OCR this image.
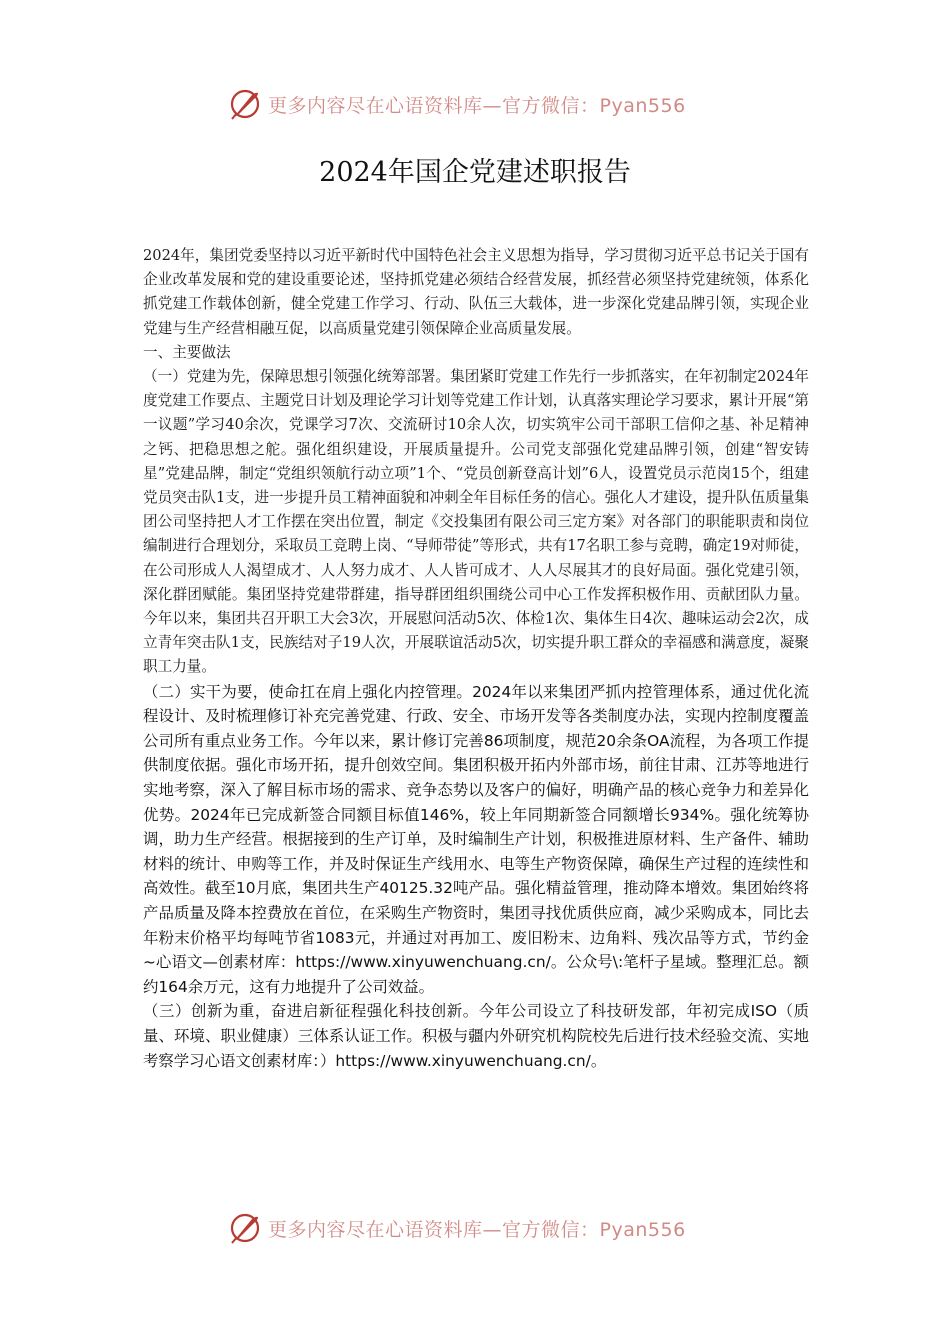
更多内容尽在心语资料库—官方微信：Pyan556
2024年国企党建述职报告

2024年，集团党委坚持以习近平新时代中国特色社会主义思想为指导，学习贯彻习近平总书记关于国有企业改革发展和党的建设重要论述，坚持抓党建必须结合经营发展，抓经营必须坚持党建统领，体系化抓党建工作载体创新，健全党建工作学习、行动、队伍三大载体，进一步深化党建品牌引领，实现企业党建与生产经营相融互促，以高质量党建引领保障企业高质量发展。

一、主要做法

（一）党建为先，保障思想引领强化统筹部署。集团紧盯党建工作先行一步抓落实，在年初制定2024年度党建工作要点、主题党日计划及理论学习计划等党建工作计划，认真落实理论学习要求，累计开展“第一议题”学习40余次，党课学习7次、交流研讨10余人次，切实筑牢公司干部职工信仰之基、补足精神之钙、把稳思想之舵。强化组织建设，开展质量提升。公司党支部强化党建品牌引领，创建“智安铸星”党建品牌，制定“党组织领航行动立项”1个、“党员创新登高计划”6人，设置党员示范岗15个，组建党员突击队1支，进一步提升员工精神面貌和冲刺全年目标任务的信心。强化人才建设，提升队伍质量集团公司坚持把人才工作摆在突出位置，制定《交投集团有限公司三定方案》对各部门的职能职责和岗位编制进行合理划分，采取员工竞聘上岗、“导师带徒”等形式，共有17名职工参与竞聘，确定19对师徒，在公司形成人人渴望成才、人人努力成才、人人皆可成才、人人尽展其才的良好局面。强化党建引领，深化群团赋能。集团坚持党建带群建，指导群团组织围绕公司中心工作发挥积极作用、贡献团队力量。今年以来，集团共召开职工大会3次，开展慰问活动5次、体检1次、集体生日4次、趣味运动会2次，成立青年突击队1支，民族结对子19人次，开展联谊活动5次，切实提升职工群众的幸福感和满意度，凝聚职工力量。

（二）实干为要，使命扛在肩上强化内控管理。2024年以来集团严抓内控管理体系，通过优化流程设计、及时梳理修订补充完善党建、行政、安全、市场开发等各类制度办法，实现内控制度覆盖公司所有重点业务工作。今年以来，累计修订完善86项制度，规范20余条OA流程，为各项工作提供制度依据。强化市场开拓，提升创效空间。集团积极开拓内外部市场，前往甘肃、江苏等地进行实地考察，深入了解目标市场的需求、竞争态势以及客户的偏好，明确产品的核心竞争力和差异化优势。2024年已完成新签合同额目标值146%，较上年同期新签合同额增长934%。强化统筹协调，助力生产经营。根据接到的生产订单，及时编制生产计划，积极推进原材料、生产备件、辅助材料的统计、申购等工作，并及时保证生产线用水、电等生产物资保障，确保生产过程的连续性和高效性。截至10月底，集团共生产40125.32吨产品。强化精益管理，推动降本增效。集团始终将产品质量及降本控费放在首位，在采购生产物资时，集团寻找优质供应商，减少采购成本，同比去年粉末价格平均每吨节省1083元，并通过对再加工、废旧粉末、边角料、残次品等方式，节约金~心语文—创素材库：https://www.xinyuwenchuang.cn/。公众号\:笔杆子星域。整理汇总。额约164余万元，这有力地提升了公司效益。

（三）创新为重，奋进启新征程强化科技创新。今年公司设立了科技研发部，年初完成ISO（质量、环境、职业健康）三体系认证工作。积极与疆内外研究机构院校先后进行技术经验交流、实地考察学习心语文创素材库：）https://www.xinyuwenchuang.cn/。

更多内容尽在心语资料库—官方微信：Pyan556
